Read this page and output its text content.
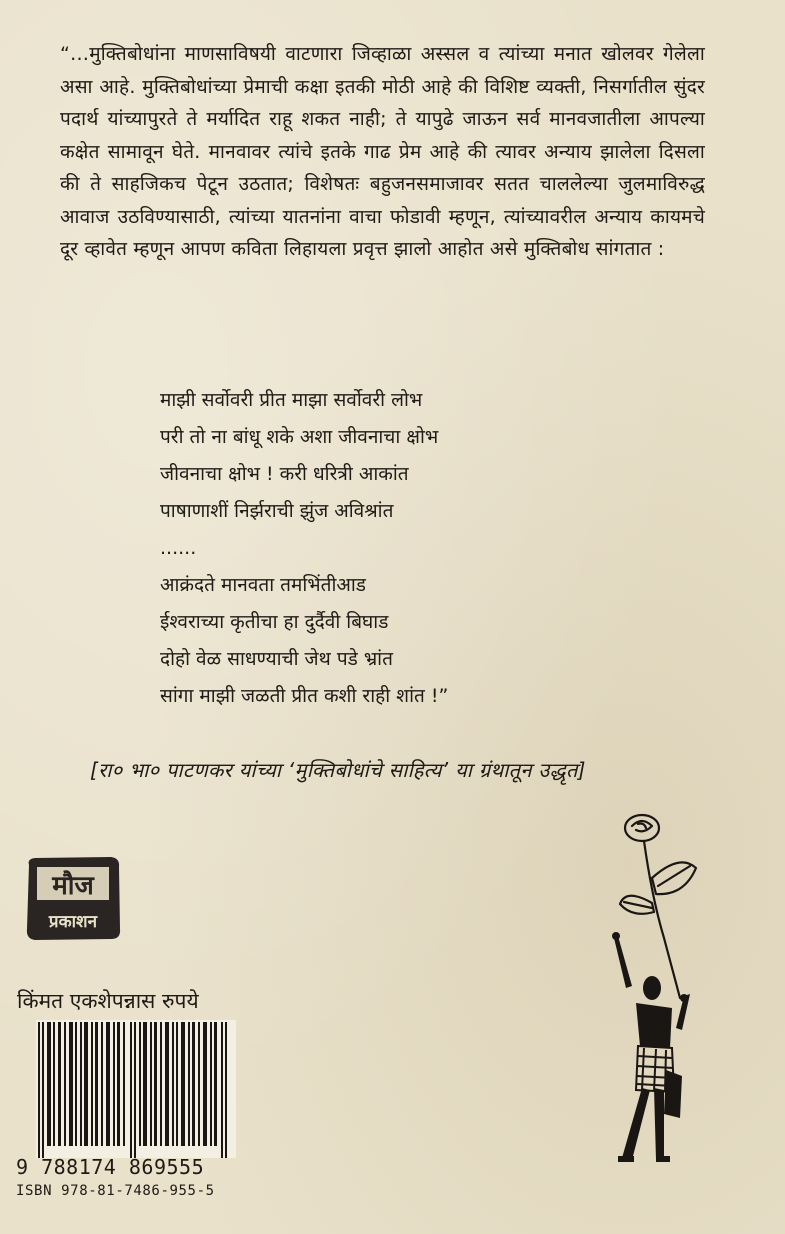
“…मुक्तिबोधांना माणसाविषयी वाटणारा जिव्हाळा अस्सल व त्यांच्या मनात खोलवर गेलेला असा आहे. मुक्तिबोधांच्या प्रेमाची कक्षा इतकी मोठी आहे की विशिष्ट व्यक्ती, निसर्गातील सुंदर पदार्थ यांच्यापुरते ते मर्यादित राहू शकत नाही; ते यापुढे जाऊन सर्व मानवजातीला आपल्या कक्षेत सामावून घेते. मानवावर त्यांचे इतके गाढ प्रेम आहे की त्यावर अन्याय झालेला दिसला की ते साहजिकच पेटून उठतात; विशेषतः बहुजनसमाजावर सतत चाललेल्या जुलमाविरुद्ध आवाज उठविण्यासाठी, त्यांच्या यातनांना वाचा फोडावी म्हणून, त्यांच्यावरील अन्याय कायमचे दूर व्हावेत म्हणून आपण कविता लिहायला प्रवृत्त झालो आहोत असे मुक्तिबोध सांगतात :
माझी सर्वोवरी प्रीत माझा सर्वोवरी लोभ
परी तो ना बांधू शके अशा जीवनाचा क्षोभ
जीवनाचा क्षोभ ! करी धरित्री आकांत
पाषाणाशीं निर्झराची झुंज अविश्रांत
......
आक्रंदते मानवता तमभिंतीआड
ईश्वराच्या कृतीचा हा दुर्दैवी बिघाड
दोहो वेळ साधण्याची जेथ पडे भ्रांत
सांगा माझी जळती प्रीत कशी राही शांत !”
[रा० भा० पाटणकर यांच्या ‘मुक्तिबोधांचे साहित्य’ या ग्रंथातून उद्धृत]
मौज
प्रकाशन
किंमत एकशेपन्नास रुपये
9 788174 869555
ISBN 978-81-7486-955-5
